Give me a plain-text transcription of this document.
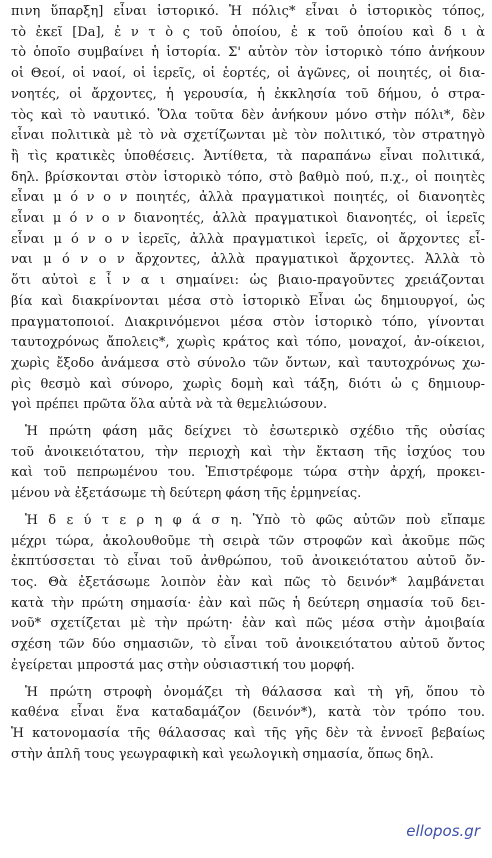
πινη ὕπαρξη] εἶναι ἱστορικό. Ἡ πόλις* εἶναι ὁ ἱστορικὸς τόπος,
τὸ ἐκεῖ [Da], ἐ ν τ ὸ ς τοῦ ὁποίου, ἐ κ τοῦ ὁποίου καὶ δ ι ὰ
τὸ ὁποῖο συμβαίνει ἡ ἱστορία. Σ' αὐτὸν τὸν ἱστορικὸ τόπο ἀνήκουν
οἱ Θεοί, οἱ ναοί, οἱ ἱερεῖς, οἱ ἑορτές, οἱ ἀγῶνες, οἱ ποιητές, οἱ δια-
νοητές, οἱ ἄρχοντες, ἡ γερουσία, ἡ ἐκκλησία τοῦ δήμου, ὁ στρα-
τὸς καὶ τὸ ναυτικό. Ὅλα τοῦτα δὲν ἀνήκουν μόνο στὴν πόλι*, δὲν
εἶναι πολιτικὰ μὲ τὸ νὰ σχετίζωνται μὲ τὸν πολιτικό, τὸν στρατηγὸ
ἢ τὶς κρατικὲς ὑποθέσεις. Ἀντίθετα, τὰ παραπάνω εἶναι πολιτικά,
δηλ. βρίσκονται στὸν ἱστορικὸ τόπο, στὸ βαθμὸ πού, π.χ., οἱ ποιητὲς
εἶναι μ ό ν ο ν ποιητές, ἀλλὰ πραγματικοὶ ποιητές, οἱ διανοητὲς
εἶναι μ ό ν ο ν διανοητές, ἀλλὰ πραγματικοὶ διανοητές, οἱ ἱερεῖς
εἶναι μ ό ν ο ν ἱερεῖς, ἀλλὰ πραγματικοὶ ἱερεῖς, οἱ ἄρχοντες εἶ-
ναι μ ό ν ο ν ἄρχοντες, ἀλλὰ πραγματικοὶ ἄρχοντες. Ἀλλὰ τὸ
ὅτι αὐτοὶ ε ἶ ν α ι σημαίνει: ὡς βιαιο-πραγοῦντες χρειάζονται
βία καὶ διακρίνονται μέσα στὸ ἱστορικὸ Εἶναι ὡς δημιουργοί, ὡς
πραγματοποιοί. Διακρινόμενοι μέσα στὸν ἱστορικὸ τόπο, γίνονται
ταυτοχρόνως ἄπολεις*, χωρὶς κράτος καὶ τόπο, μοναχοί, ἀν-οίκειοι,
χωρὶς ἔξοδο ἀνάμεσα στὸ σύνολο τῶν ὄντων, καὶ ταυτοχρόνως χω-
ρὶς θεσμὸ καὶ σύνορο, χωρὶς δομὴ καὶ τάξη, διότι ὡ ς δημιουρ-
γοὶ πρέπει πρῶτα ὅλα αὐτὰ νὰ τὰ θεμελιώσουν.
Ἡ πρώτη φάση μᾶς δείχνει τὸ ἐσωτερικὸ σχέδιο τῆς οὐσίας
τοῦ ἀνοικειότατου, τὴν περιοχὴ καὶ τὴν ἔκταση τῆς ἰσχύος του
καὶ τοῦ πεπρωμένου του. Ἐπιστρέφομε τώρα στὴν ἀρχή, προκει-
μένου νὰ ἐξετάσωμε τὴ δεύτερη φάση τῆς ἑρμηνείας.
Ἡ δ ε ύ τ ε ρ η φ ά σ η. Ὑπὸ τὸ φῶς αὐτῶν ποὺ εἴπαμε
μέχρι τώρα, ἀκολουθοῦμε τὴ σειρὰ τῶν στροφῶν καὶ ἀκοῦμε πῶς
ἐκπτύσσεται τὸ εἶναι τοῦ ἀνθρώπου, τοῦ ἀνοικειότατου αὐτοῦ ὄν-
τος. Θὰ ἐξετάσωμε λοιπὸν ἐὰν καὶ πῶς τὸ δεινόν* λαμβάνεται
κατὰ τὴν πρώτη σημασία· ἐὰν καὶ πῶς ἡ δεύτερη σημασία τοῦ δει-
νοῦ* σχετίζεται μὲ τὴν πρώτη· ἐὰν καὶ πῶς μέσα στὴν ἀμοιβαία
σχέση τῶν δύο σημασιῶν, τὸ εἶναι τοῦ ἀνοικειότατου αὐτοῦ ὄντος
ἐγείρεται μπροστά μας στὴν οὐσιαστική του μορφή.
Ἡ πρώτη στροφὴ ὀνομάζει τὴ θάλασσα καὶ τὴ γῆ, ὅπου τὸ
καθένα εἶναι ἕνα καταδαμάζον (δεινόν*), κατὰ τὸν τρόπο του.
Ἡ κατονομασία τῆς θάλασσας καὶ τῆς γῆς δὲν τὰ ἐννοεῖ βεβαίως
στὴν ἁπλῆ τους γεωγραφικὴ καὶ γεωλογικὴ σημασία, ὅπως δηλ.
ellopos.gr
